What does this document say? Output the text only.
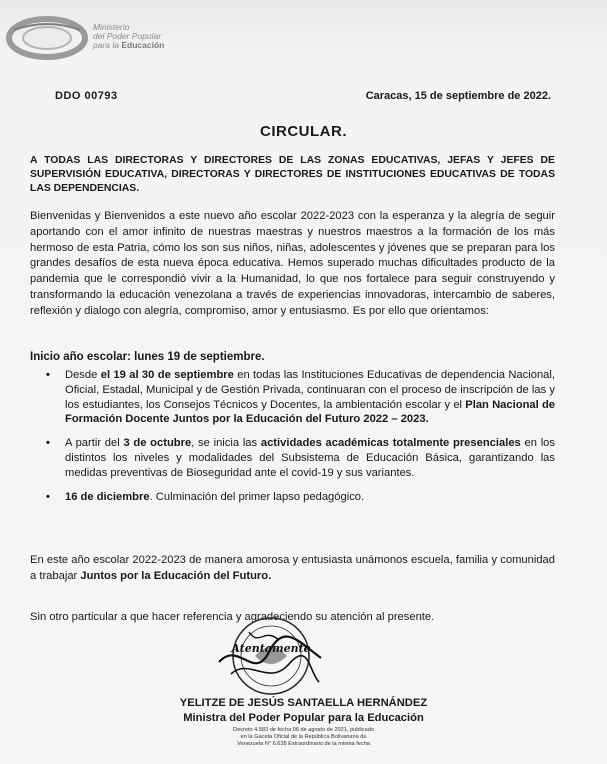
Ministerio
del Poder Popular
para la Educación
DDO 00793	Caracas, 15 de septiembre de 2022.
CIRCULAR.
A TODAS LAS DIRECTORAS Y DIRECTORES DE LAS ZONAS EDUCATIVAS, JEFAS Y JEFES DE SUPERVISIÓN EDUCATIVA, DIRECTORAS Y DIRECTORES DE INSTITUCIONES EDUCATIVAS DE TODAS LAS DEPENDENCIAS.
Bienvenidas y Bienvenidos a este nuevo año escolar 2022-2023 con la esperanza y la alegría de seguir aportando con el amor infinito de nuestras maestras y nuestros maestros a la formación de los más hermoso de esta Patria, cómo los son sus niños, niñas, adolescentes y jóvenes que se preparan para los grandes desafíos de esta nueva época educativa. Hemos superado muchas dificultades producto de la pandemia que le correspondió vivir a la Humanidad, lo que nos fortalece para seguir construyendo y transformando la educación venezolana a través de experiencias innovadoras, intercambio de saberes, reflexión y dialogo con alegría, compromiso, amor y entusiasmo. Es por ello que orientamos:
Inicio año escolar: lunes 19 de septiembre.
• Desde el 19 al 30 de septiembre en todas las Instituciones Educativas de dependencia Nacional, Oficial, Estadal, Municipal y de Gestión Privada, continuaran con el proceso de inscripción de las y los estudiantes, los Consejos Técnicos y Docentes, la ambientación escolar y el Plan Nacional de Formación Docente Juntos por la Educación del Futuro 2022 – 2023.
• A partir del 3 de octubre, se inicia las actividades académicas totalmente presenciales en los distintos los niveles y modalidades del Subsistema de Educación Básica, garantizando las medidas preventivas de Bioseguridad ante el covid-19 y sus variantes.
• 16 de diciembre. Culminación del primer lapso pedagógico.
En este año escolar 2022-2023 de manera amorosa y entusiasta unámonos escuela, familia y comunidad a trabajar Juntos por la Educación del Futuro.
Sin otro particular a que hacer referencia y agradeciendo su atención al presente.
Atentamente
YELITZE DE JESÚS SANTAELLA HERNÁNDEZ
Ministra del Poder Popular para la Educación
Decreto 4.583 de fecha 06 de agosto de 2021, publicado
en la Gaceta Oficial de la República Bolivariana de
Venezuela N° 6.638 Extraordinario de la misma fecha
